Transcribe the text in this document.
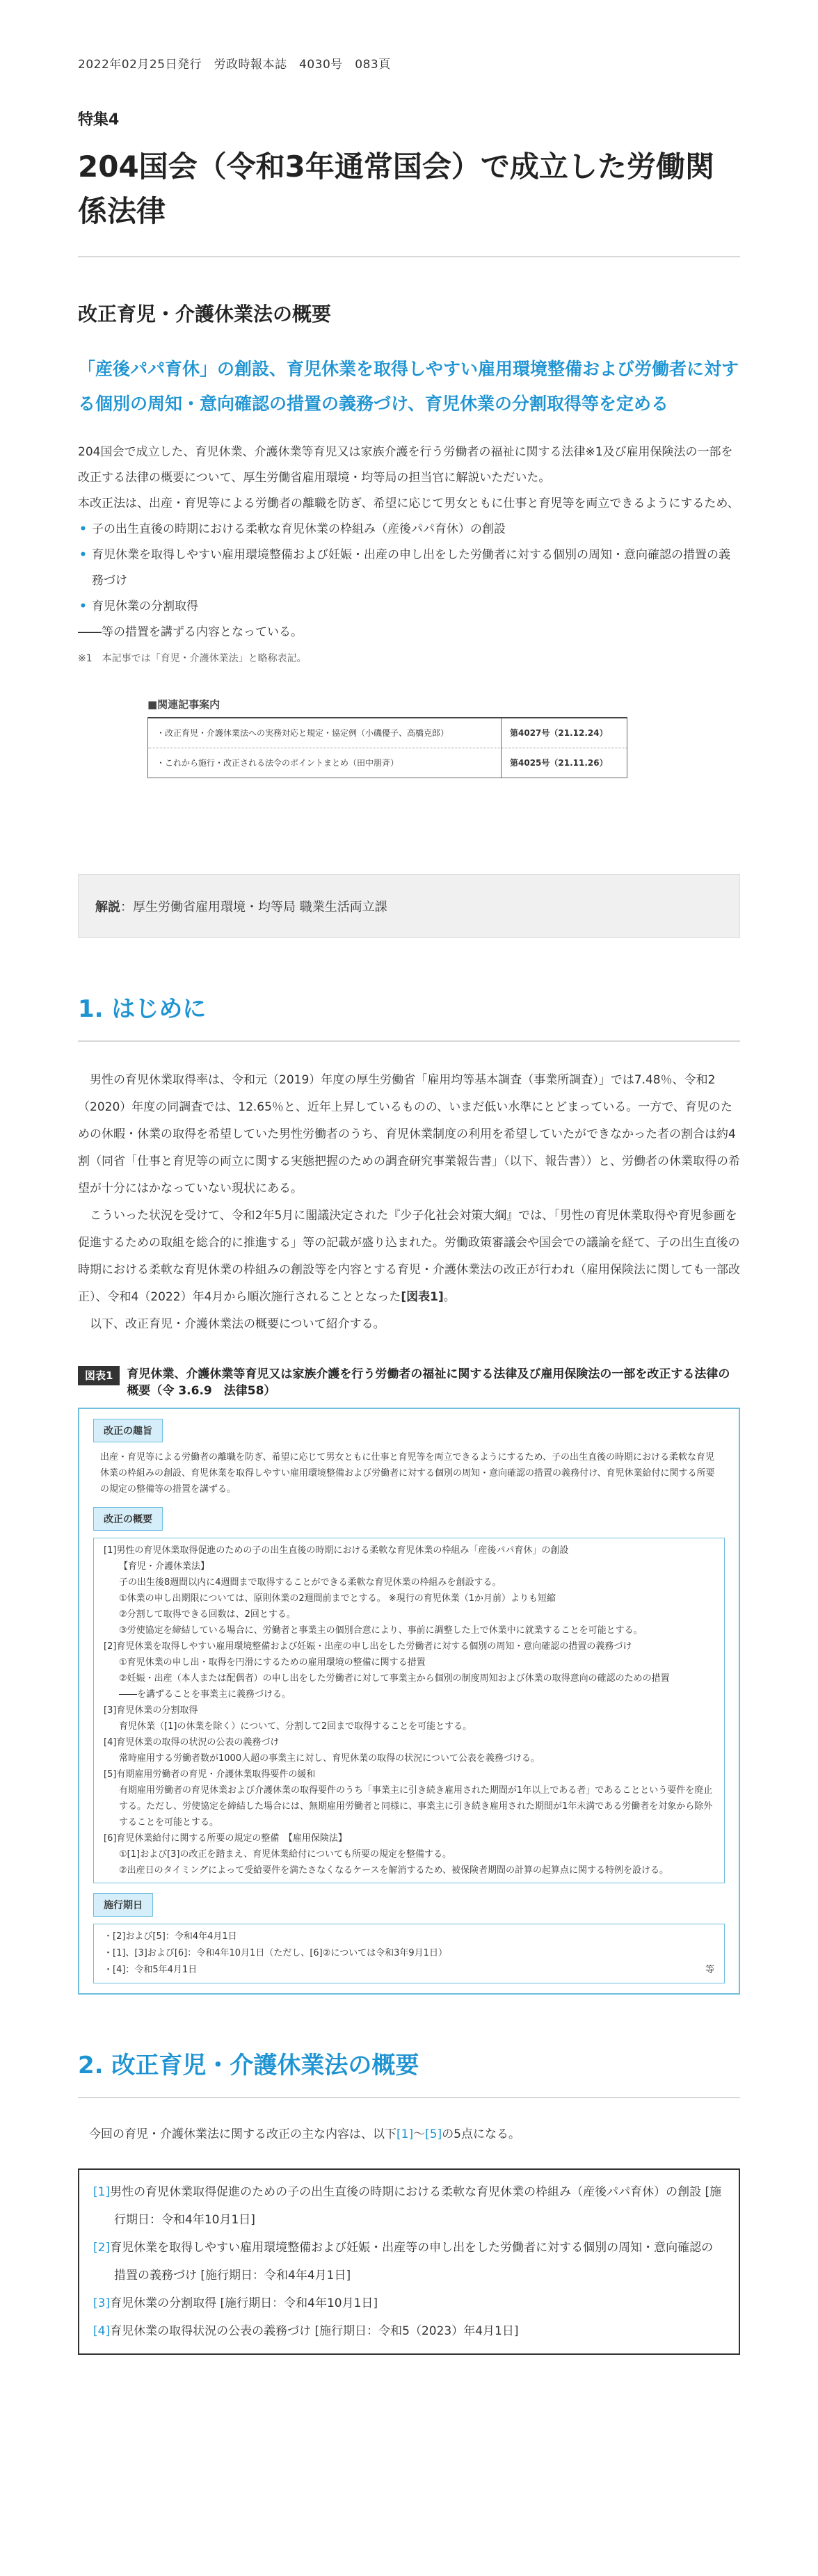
2022年02月25日発行　労政時報本誌　4030号　083頁
特集4
204国会（令和3年通常国会）で成立した労働関係法律
改正育児・介護休業法の概要
「産後パパ育休」の創設、育児休業を取得しやすい雇用環境整備および労働者に対する個別の周知・意向確認の措置の義務づけ、育児休業の分割取得等を定める

204国会で成立した、育児休業、介護休業等育児又は家族介護を行う労働者の福祉に関する法律※1及び雇用保険法の一部を改正する法律の概要について、厚生労働省雇用環境・均等局の担当官に解説いただいた。

本改正法は、出産・育児等による労働者の離職を防ぎ、希望に応じて男女ともに仕事と育児等を両立できるようにするため、

• 子の出生直後の時期における柔軟な育児休業の枠組み（産後パパ育休）の創設
• 育児休業を取得しやすい雇用環境整備および妊娠・出産の申し出をした労働者に対する個別の周知・意向確認の措置の義務づけ
• 育児休業の分割取得

――等の措置を講ずる内容となっている。

※1　本記事では「育児・介護休業法」と略称表記。
■関連記事案内
・改正育児・介護休業法への実務対応と規定・協定例（小磯優子、高橋克郎）	第4027号（21.12.24）
・これから施行・改正される法令のポイントまとめ（田中朋斉）	第4025号（21.11.26）
解説 ：厚生労働省雇用環境・均等局 職業生活両立課
1. はじめに

男性の育児休業取得率は、令和元（2019）年度の厚生労働省「雇用均等基本調査（事業所調査）」では7.48％、令和2（2020）年度の同調査では、12.65％と、近年上昇しているものの、いまだ低い水準にとどまっている。一方で、育児のための休暇・休業の取得を希望していた男性労働者のうち、育児休業制度の利用を希望していたができなかった者の割合は約4割（同省「仕事と育児等の両立に関する実態把握のための調査研究事業報告書」（以下、報告書））と、労働者の休業取得の希望が十分にはかなっていない現状にある。

こういった状況を受けて、令和2年5月に閣議決定された『少子化社会対策大綱』では、「男性の育児休業取得や育児参画を促進するための取組を総合的に推進する」等の記載が盛り込まれた。労働政策審議会や国会での議論を経て、子の出生直後の時期における柔軟な育児休業の枠組みの創設等を内容とする育児・介護休業法の改正が行われ（雇用保険法に関しても一部改正）、令和4（2022）年4月から順次施行されることとなった[図表1]。

以下、改正育児・介護休業法の概要について紹介する。

図表1	育児休業、介護休業等育児又は家族介護を行う労働者の福祉に関する法律及び雇用保険法の一部を改正する法律の概要（令 3.6.9　法律58）
改正の趣旨
出産・育児等による労働者の離職を防ぎ、希望に応じて男女ともに仕事と育児等を両立できるようにするため、子の出生直後の時期における柔軟な育児休業の枠組みの創設、育児休業を取得しやすい雇用環境整備および労働者に対する個別の周知・意向確認の措置の義務付け、育児休業給付に関する所要の規定の整備等の措置を講ずる。
改正の概要
[1]男性の育児休業取得促進のための子の出生直後の時期における柔軟な育児休業の枠組み「産後パパ育休」の創設
【育児・介護休業法】
子の出生後8週間以内に4週間まで取得することができる柔軟な育児休業の枠組みを創設する。
①休業の申し出期限については、原則休業の2週間前までとする。 ※現行の育児休業（1か月前）よりも短縮
②分割して取得できる回数は、2回とする。
③労使協定を締結している場合に、労働者と事業主の個別合意により、事前に調整した上で休業中に就業することを可能とする。
[2]育児休業を取得しやすい雇用環境整備および妊娠・出産の申し出をした労働者に対する個別の周知・意向確認の措置の義務づけ
①育児休業の申し出・取得を円滑にするための雇用環境の整備に関する措置
②妊娠・出産（本人または配偶者）の申し出をした労働者に対して事業主から個別の制度周知および休業の取得意向の確認のための措置
――を講ずることを事業主に義務づける。
[3]育児休業の分割取得
育児休業（[1]の休業を除く）について、分割して2回まで取得することを可能とする。
[4]育児休業の取得の状況の公表の義務づけ
常時雇用する労働者数が1000人超の事業主に対し、育児休業の取得の状況について公表を義務づける。
[5]有期雇用労働者の育児・介護休業取得要件の緩和
有期雇用労働者の育児休業および介護休業の取得要件のうち「事業主に引き続き雇用された期間が1年以上である者」であることという要件を廃止する。ただし、労使協定を締結した場合には、無期雇用労働者と同様に、事業主に引き続き雇用された期間が1年未満である労働者を対象から除外することを可能とする。
[6]育児休業給付に関する所要の規定の整備　【雇用保険法】
①[1]および[3]の改正を踏まえ、育児休業給付についても所要の規定を整備する。
②出産日のタイミングによって受給要件を満たさなくなるケースを解消するため、被保険者期間の計算の起算点に関する特例を設ける。
施行期日
・[2]および[5]：令和4年4月1日
・[1]、[3]および[6]：令和4年10月1日（ただし、[6]②については令和3年9月1日）
・[4]：令和5年4月1日	等
2. 改正育児・介護休業法の概要
今回の育児・介護休業法に関する改正の主な内容は、以下[1]～[5]の5点になる。
[1]男性の育児休業取得促進のための子の出生直後の時期における柔軟な育児休業の枠組み（産後パパ育休）の創設 [施行期日：令和4年10月1日]
[2]育児休業を取得しやすい雇用環境整備および妊娠・出産等の申し出をした労働者に対する個別の周知・意向確認の措置の義務づけ [施行期日：令和4年4月1日]
[3]育児休業の分割取得 [施行期日：令和4年10月1日]
[4]育児休業の取得状況の公表の義務づけ [施行期日：令和5（2023）年4月1日]
